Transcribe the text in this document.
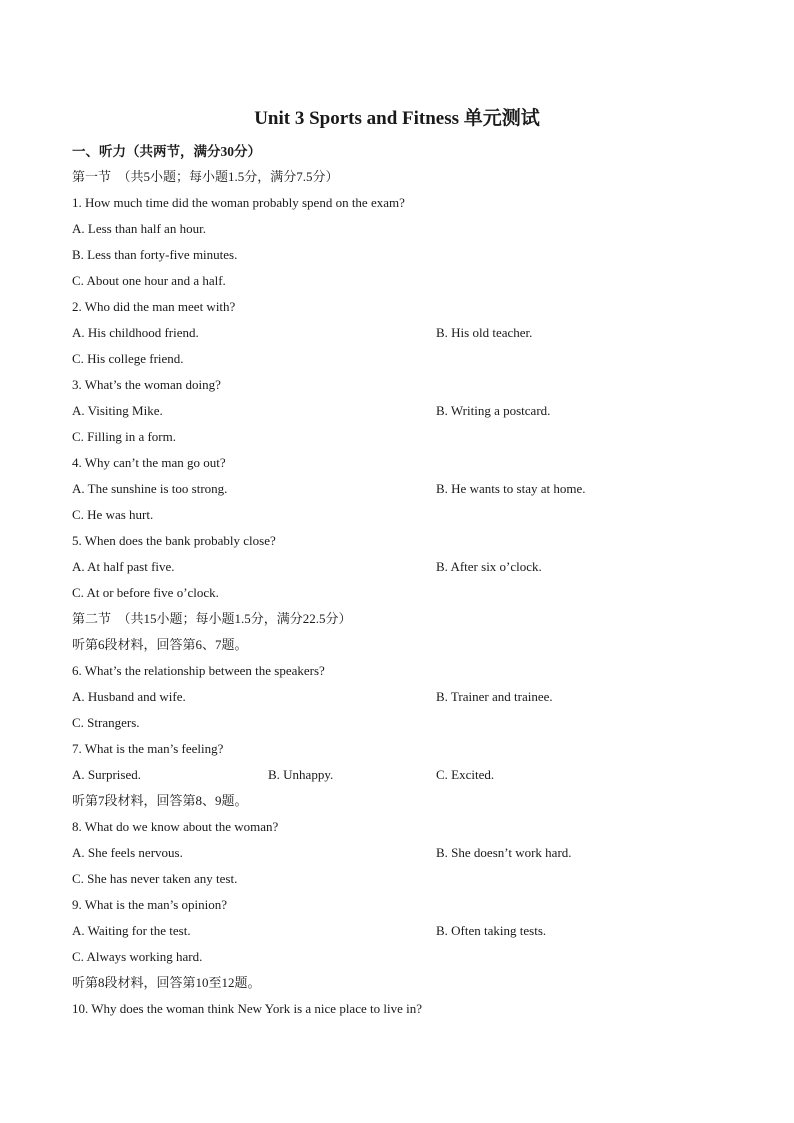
Unit 3 Sports and Fitness 单元测试
一、听力（共两节，满分30分）
第一节　（共5小题；每小题1.5分，满分7.5分）
1. How much time did the woman probably spend on the exam?
A. Less than half an hour.
B. Less than forty-five minutes.
C. About one hour and a half.
2. Who did the man meet with?
A. His childhood friend.	B. His old teacher.
C. His college friend.
3. What’s the woman doing?
A. Visiting Mike.	B. Writing a postcard.
C. Filling in a form.
4. Why can’t the man go out?
A. The sunshine is too strong.	B. He wants to stay at home.
C. He was hurt.
5. When does the bank probably close?
A. At half past five.	B. After six o’clock.
C. At or before five o’clock.
第二节　（共15小题；每小题1.5分，满分22.5分）
听第6段材料，回答第6、7题。
6. What’s the relationship between the speakers?
A. Husband and wife.	B. Trainer and trainee.
C. Strangers.
7. What is the man’s feeling?
A. Surprised.	B. Unhappy.	C. Excited.
听第7段材料，回答第8、9题。
8. What do we know about the woman?
A. She feels nervous.	B. She doesn’t work hard.
C. She has never taken any test.
9. What is the man’s opinion?
A. Waiting for the test.	B. Often taking tests.
C. Always working hard.
听第8段材料，回答第10至12题。
10. Why does the woman think New York is a nice place to live in?
